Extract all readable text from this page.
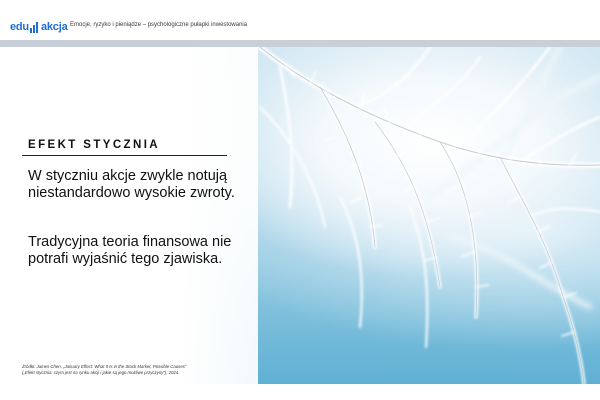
edu akcja Emocje, ryzyko i pieniądze – psychologiczne pułapki inwestowania
EFEKT STYCZNIA

W styczniu akcje zwykle notują niestandardowo wysokie zwroty.

Tradycyjna teoria finansowa nie potrafi wyjaśnić tego zjawiska.

Źródło: James Chen, „January Effect: What It Is in the Stock Market, Possible Causes”
(„Efekt styczniа: czym jest na rynku akcji i jakie są jego możliwe przyczyny”), 2024.
